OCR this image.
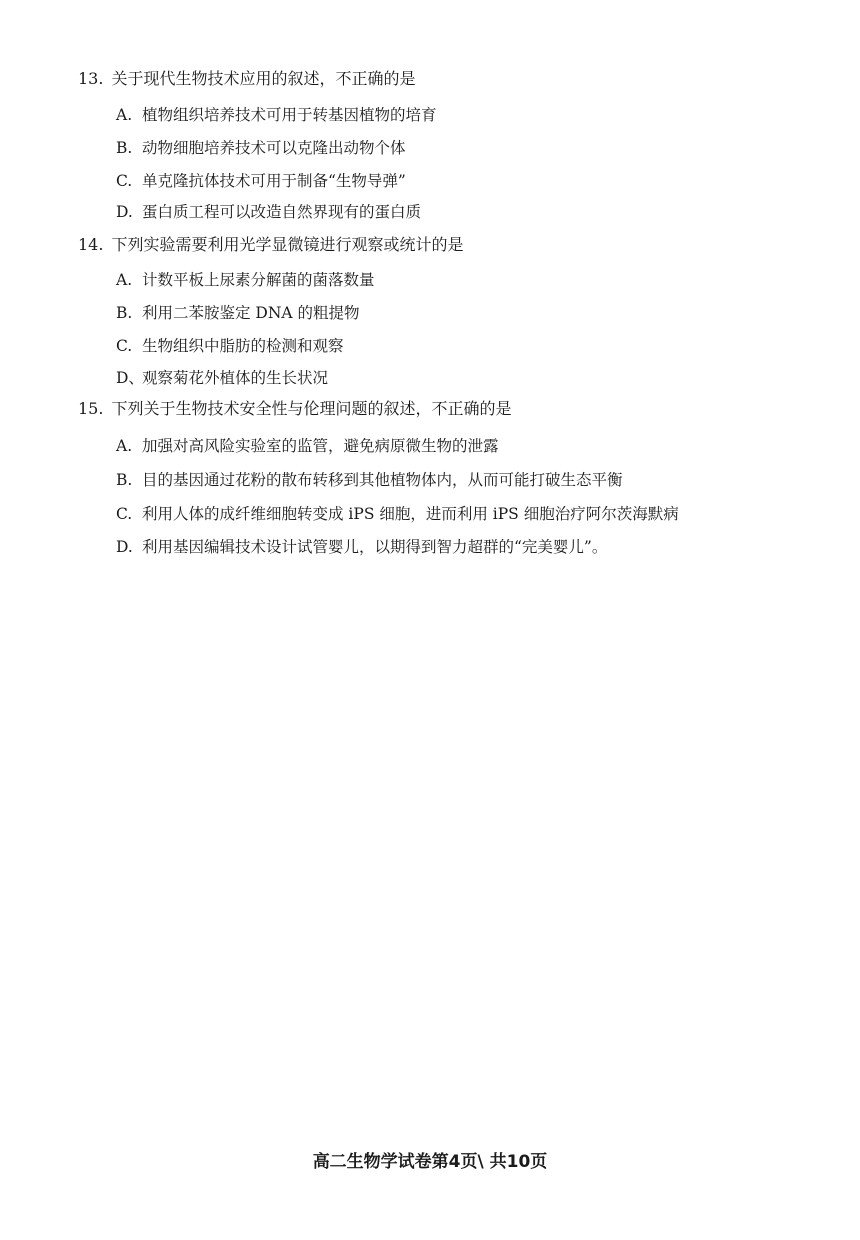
13. 关于现代生物技术应用的叙述，不正确的是
A. 植物组织培养技术可用于转基因植物的培育
B. 动物细胞培养技术可以克隆出动物个体
C. 单克隆抗体技术可用于制备“生物导弹”
D. 蛋白质工程可以改造自然界现有的蛋白质
14. 下列实验需要利用光学显微镜进行观察或统计的是
A. 计数平板上尿素分解菌的菌落数量
B. 利用二苯胺鉴定 DNA 的粗提物
C. 生物组织中脂肪的检测和观察
D、观察菊花外植体的生长状况
15. 下列关于生物技术安全性与伦理问题的叙述，不正确的是
A. 加强对高风险实验室的监管，避免病原微生物的泄露
B. 目的基因通过花粉的散布转移到其他植物体内，从而可能打破生态平衡
C. 利用人体的成纤维细胞转变成 iPS 细胞，进而利用 iPS 细胞治疗阿尔茨海默病
D. 利用基因编辑技术设计试管婴儿，以期得到智力超群的“完美婴儿”。
高二生物学试卷第4页\ 共10页
